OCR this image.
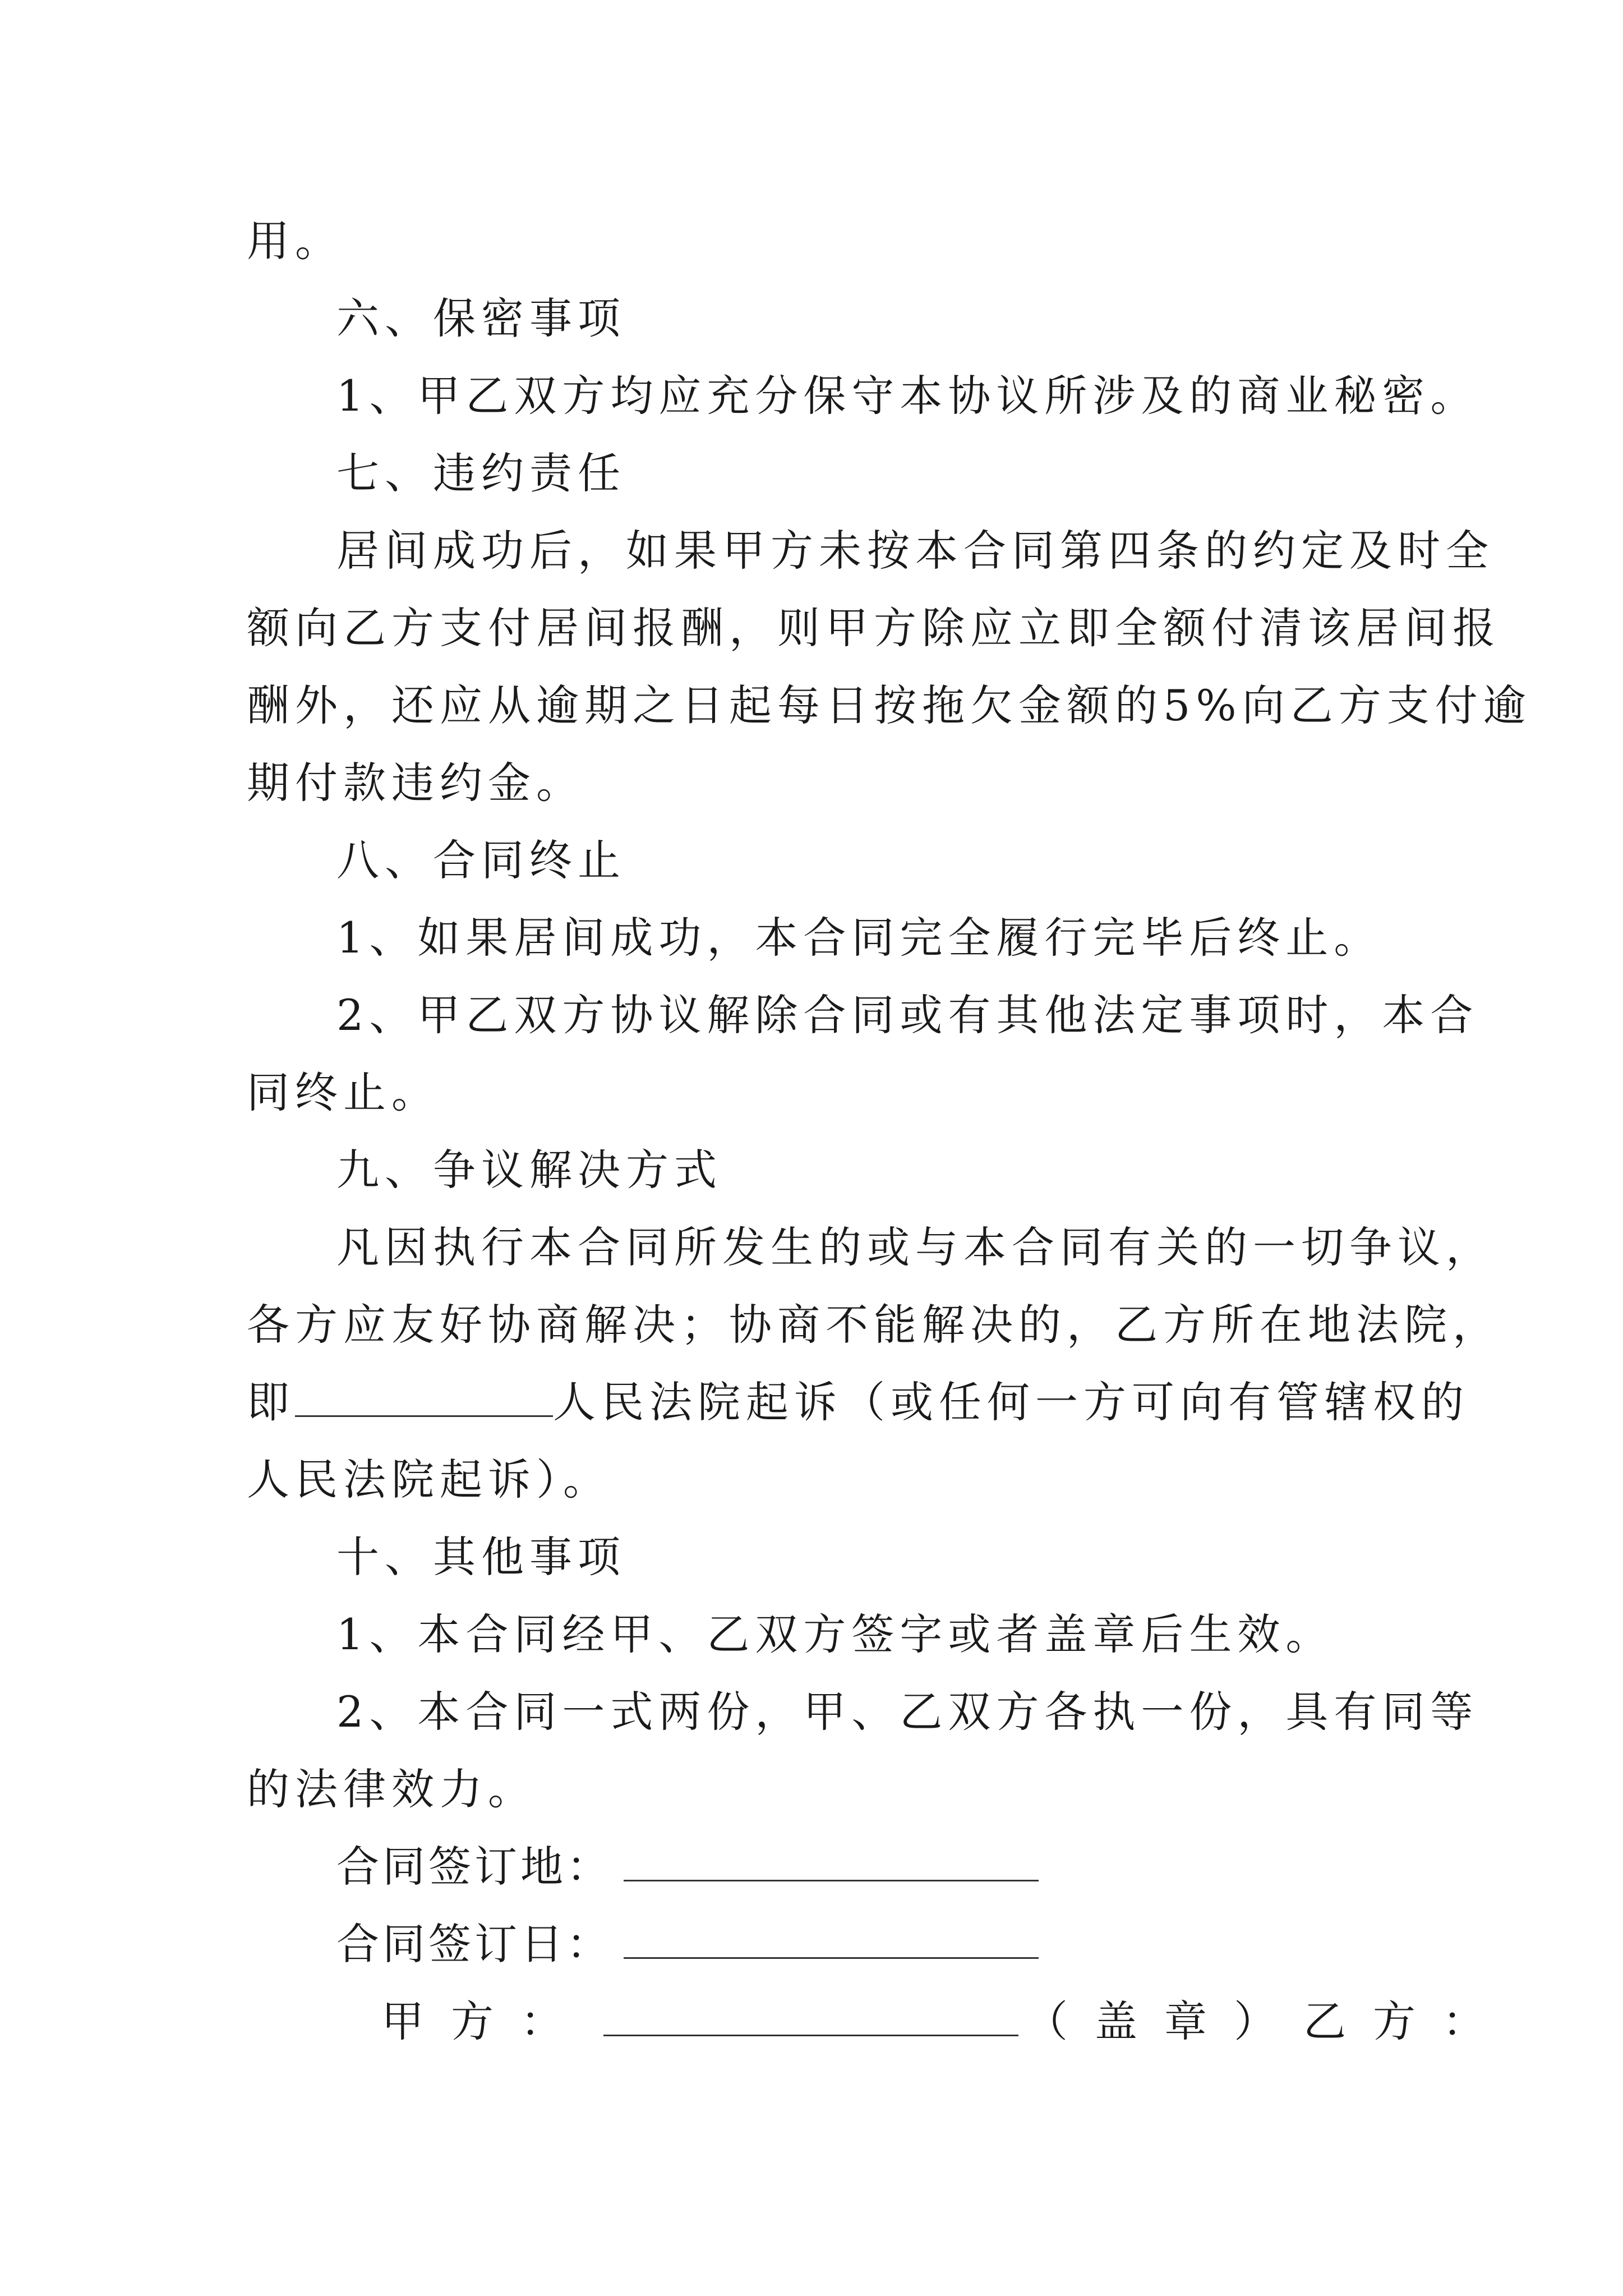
用。
六、保密事项
1、甲乙双方均应充分保守本协议所涉及的商业秘密。
七、违约责任
居间成功后，如果甲方未按本合同第四条的约定及时全
额向乙方支付居间报酬，则甲方除应立即全额付清该居间报
酬外，还应从逾期之日起每日按拖欠金额的5%向乙方支付逾
期付款违约金。
八、合同终止
1、如果居间成功，本合同完全履行完毕后终止。
2、甲乙双方协议解除合同或有其他法定事项时，本合
同终止。
九、争议解决方式
凡因执行本合同所发生的或与本合同有关的一切争议，
各方应友好协商解决；协商不能解决的，乙方所在地法院，
即	人民法院起诉（或任何一方可向有管辖权的
人民法院起诉）。
十、其他事项
1、本合同经甲、乙双方签字或者盖章后生效。
2、本合同一式两份，甲、乙双方各执一份，具有同等
的法律效力。
合同签订地：
合同签订日：
甲方：	（盖章）乙方：
